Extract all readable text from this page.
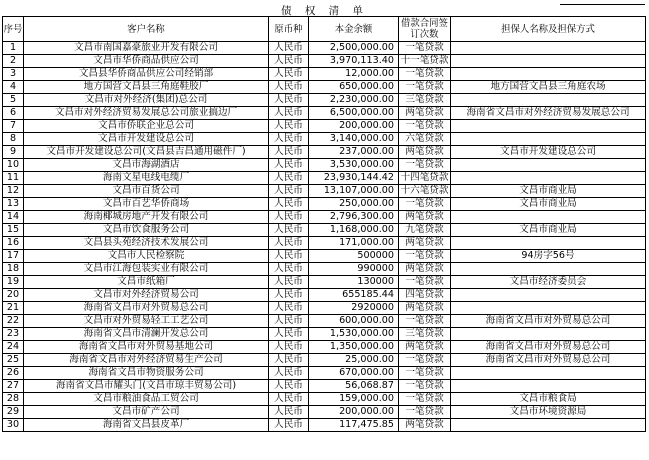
债 权 清 单
序号	客户名称	原币种	本金余额	借款合同签订次数	担保人名称及担保方式
1	文昌市南国嘉豪旅业开发有限公司	人民币	2,500,000.00	一笔贷款	
2	文昌市华侨商品供应公司	人民币	3,970,113.40	十一笔贷款	
3	文昌县华侨商品供应公司经销部	人民币	12,000.00	一笔贷款	
4	地方国营文昌县三角庭鞋胶厂	人民币	650,000.00	一笔贷款	地方国营文昌县三角庭农场
5	文昌市对外经济(集团)总公司	人民币	2,230,000.00	三笔贷款	
6	文昌市对外经济贸易发展总公司旅业搞边厂	人民币	6,500,000.00	两笔贷款	海南省文昌市对外经济贸易发展总公司
7	文昌市侨联企业总公司	人民币	200,000.00	一笔贷款	
8	文昌市开发建设总公司	人民币	3,140,000.00	六笔贷款	
9	文昌市开发建设总公司(文昌县吉昌通用磁件厂)	人民币	237,000.00	两笔贷款	文昌市开发建设总公司
10	文昌市海湖酒店	人民币	3,530,000.00	一笔贷款	
11	海南文星电线电缆厂	人民币	23,930,144.42	十四笔贷款	
12	文昌市百货公司	人民币	13,107,000.00	十六笔贷款	文昌市商业局
13	文昌市百艺华侨商场	人民币	250,000.00	一笔贷款	文昌市商业局
14	海南椰城房地产开发有限公司	人民币	2,796,300.00	两笔贷款	
15	文昌市饮食服务公司	人民币	1,168,000.00	九笔贷款	文昌市商业局
16	文昌县头苑经济技术发展公司	人民币	171,000.00	两笔贷款	
17	文昌市人民检察院	人民币	500000	一笔贷款	94房字56号
18	文昌市江海包装实业有限公司	人民币	990000	两笔贷款	
19	文昌市纸箱厂	人民币	130000	一笔贷款	文昌市经济委员会
20	文昌市对外经济贸易公司	人民币	655185.44	四笔贷款	
21	海南省文昌市对外贸易总公司	人民币	2920000	两笔贷款	
22	文昌市对外贸易轻工工艺公司	人民币	600,000.00	一笔贷款	海南省文昌市对外贸易总公司
23	海南省文昌市清澜开发总公司	人民币	1,530,000.00	三笔贷款	
24	海南省文昌市对外贸易基地公司	人民币	1,350,000.00	两笔贷款	海南省文昌市对外贸易总公司
25	海南省文昌市对外经济贸易生产公司	人民币	25,000.00	一笔贷款	海南省文昌市对外贸易总公司
26	海南省文昌市物资服务公司	人民币	670,000.00	一笔贷款	
27	海南省文昌市耀头门(文昌市琼丰贸易公司)	人民币	56,068.87	一笔贷款	
28	文昌市粮油食品工贸公司	人民币	159,000.00	一笔贷款	文昌市粮食局
29	文昌市矿产公司	人民币	200,000.00	一笔贷款	文昌市环境资源局
30	海南省文昌县皮革厂	人民币	117,475.85	两笔贷款	
